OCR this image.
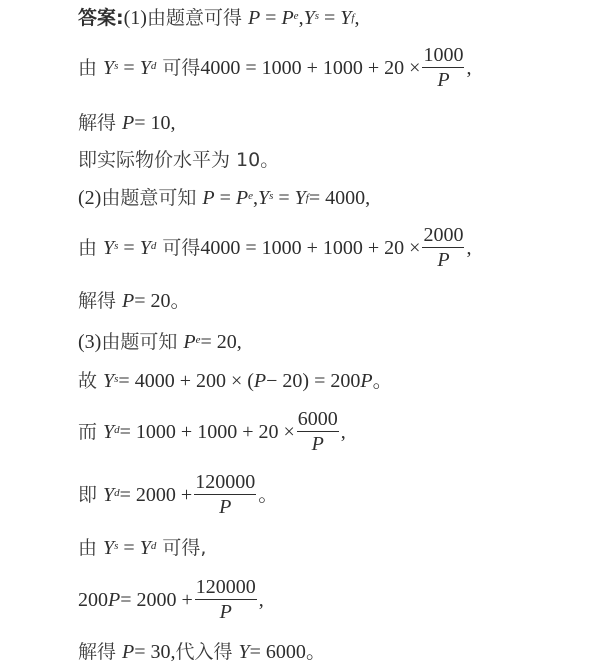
答案: (1) 由题意可得 $P = P^e$ , $Y^s = Y$ f ,
由 $Y^s = Y^d$ 可得 $4000 = 1000 + 1000 + 20 \times \frac{1000}{P}$ ,
解得 P = 10 ,
即实际物价水平为 10。
(2) 由题意可知 $P = P^e$ , $Y^s = Y$ f = 4000 ,
由 $Y^s = Y^d$ 可得 $4000 = 1000 + 1000 + 20 \times \frac{2000}{P}$ ,
解得 P = 20 。
(3) 由题可知 $P^e = 20$ ,
故 $Y^s = 4000 + 200$ × ( P − 20) = 200 P 。
而 $Y^d = 1000 + 1000 + 20 \times \frac{6000}{P}$ ,
即 $Y^d = 2000 + \frac{120000}{P}$ 。
由 $Y^s = Y^d$ 可得,
200 $P = 2000 + \frac{120000}{P}$ ,
解得 P = 30, 代入得 Y = 6000 。
